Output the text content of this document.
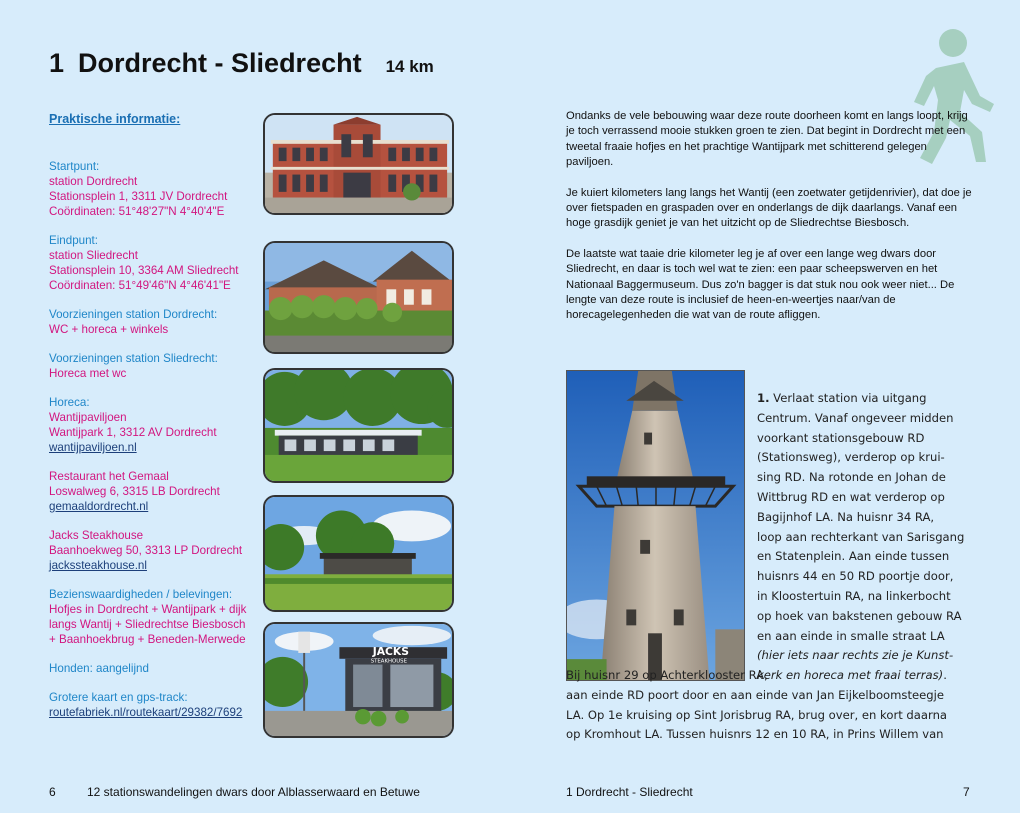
1 Dordrecht - Sliedrecht 14 km
Praktische informatie:
Startpunt:
station Dordrecht
Stationsplein 1, 3311 JV Dordrecht
Coördinaten: 51°48'27"N 4°40'4"E
Eindpunt:
station Sliedrecht
Stationsplein 10, 3364 AM Sliedrecht
Coördinaten: 51°49'46"N 4°46'41"E
Voorzieningen station Dordrecht:
WC + horeca + winkels
Voorzieningen station Sliedrecht:
Horeca met wc
Horeca:
Wantijpaviljoen
Wantijpark 1, 3312 AV Dordrecht
wantijpaviljoen.nl
Restaurant het Gemaal
Loswalweg 6, 3315 LB Dordrecht
gemaaldordrecht.nl
Jacks Steakhouse
Baanhoekweg 50, 3313 LP Dordrecht
jackssteakhouse.nl
Bezienswaardigheden / belevingen:
Hofjes in Dordrecht + Wantijpark + dijk
langs Wantij + Sliedrechtse Biesbosch
+ Baanhoekbrug + Beneden-Merwede
Honden: aangelijnd
Grotere kaart en gps-track:
routefabriek.nl/routekaart/29382/7692
JACKS
STEAKHOUSE

Ondanks de vele bebouwing waar deze route doorheen komt en langs loopt, krijg je toch verrassend mooie stukken groen te zien. Dat begint in Dordrecht met een tweetal fraaie hofjes en het prachtige Wantijpark met schitterend gelegen paviljoen.

Je kuiert kilometers lang langs het Wantij (een zoetwater getijdenrivier), dat doe je over fietspaden en graspaden over en onderlangs de dijk daarlangs. Vanaf een hoge grasdijk geniet je van het uitzicht op de Sliedrechtse Biesbosch.

De laatste wat taaie drie kilometer leg je af over een lange weg dwars door Sliedrecht, en daar is toch wel wat te zien: een paar scheepswerven en het Nationaal Baggermuseum. Dus zo'n bagger is dat stuk nou ook weer niet... De lengte van deze route is inclusief de heen-en-weertjes naar/van de horecagelegenheden die wat van de route afliggen.

1. Verlaat station via uitgang
Centrum. Vanaf ongeveer midden
voorkant stationsgebouw RD
(Stationsweg), verderop op krui-
sing RD. Na rotonde en Johan de
Wittbrug RD en wat verderop op
Bagijnhof LA. Na huisnr 34 RA,
loop aan rechterkant van Sarisgang
en Statenplein. Aan einde tussen
huisnrs 44 en 50 RD poortje door,
in Kloostertuin RA, na linkerbocht
op hoek van bakstenen gebouw RA
en aan einde in smalle straat LA
(hier iets naar rechts zie je Kunst-
kerk en horeca met fraai terras).
Bij huisnr 29 op Achterklooster RA,
aan einde RD poort door en aan einde van Jan Eijkelboomsteegje
LA. Op 1e kruising op Sint Jorisbrug RA, brug over, en kort daarna
op Kromhout LA. Tussen huisnrs 12 en 10 RA, in Prins Willem van
6	12 stationswandelingen dwars door Alblasserwaard en Betuwe	1 Dordrecht - Sliedrecht	7
